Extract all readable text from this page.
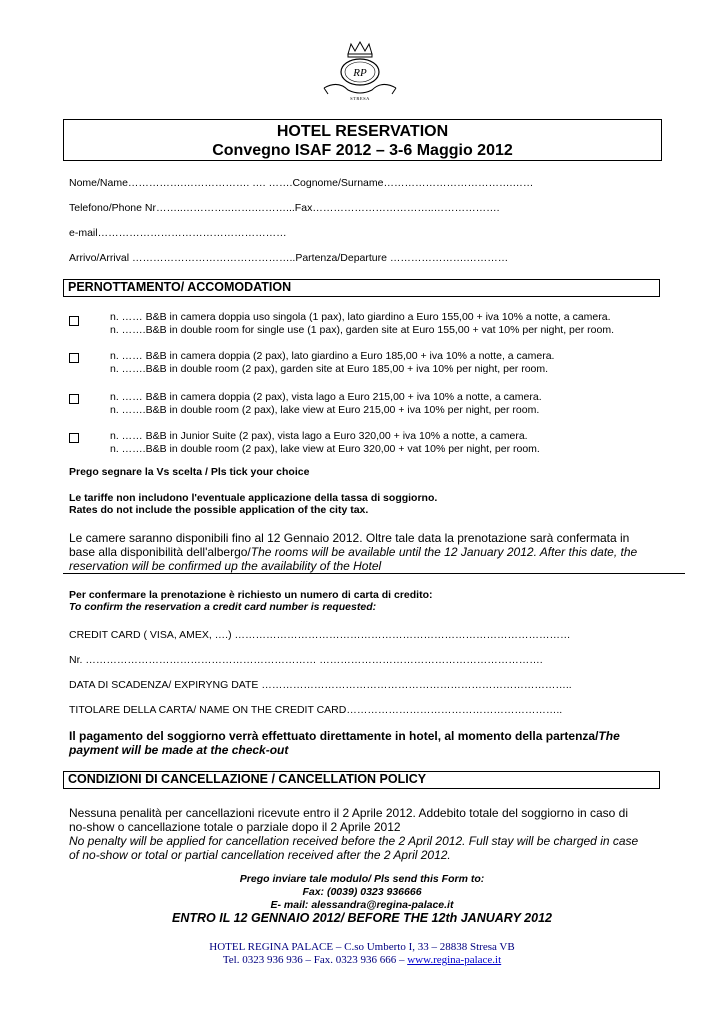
RP
STRESA
HOTEL RESERVATION
Convegno ISAF 2012 – 3-6 Maggio 2012
Nome/Name…………….………………. …. …….Cognome/Surname……………………………….……
Telefono/Phone Nr……..…………..…….………...Fax……………………………..……………….
e-mail………………………………………………
Arrivo/Arrival ………………………………………..Partenza/Departure ………………….…………
PERNOTTAMENTO/ ACCOMODATION
n. …… B&B in camera doppia uso singola (1 pax), lato giardino a Euro 155,00 + iva 10% a notte, a camera.
n. …….B&B in double room for single use (1 pax), garden site at Euro 155,00 + vat 10% per night, per room.
n. …… B&B in camera doppia (2 pax), lato giardino a Euro 185,00 + iva 10% a notte, a camera.
n. …….B&B in double room (2 pax), garden site at Euro 185,00 + iva 10% per night, per room.
n. …… B&B in camera doppia (2 pax), vista lago a Euro 215,00 + iva 10% a notte, a camera.
n. …….B&B in double room (2 pax), lake view at Euro 215,00 + iva 10% per night, per room.
n. …… B&B in Junior Suite (2 pax), vista lago a Euro 320,00 + iva 10% a notte, a camera.
n. …….B&B in double room (2 pax), lake view at Euro 320,00 + vat 10% per night, per room.
Prego segnare la Vs scelta / Pls tick your choice
Le tariffe non includono l'eventuale applicazione della tassa di soggiorno.
Rates do not include the possible application of the city tax.
Le camere saranno disponibili fino al 12 Gennaio 2012. Oltre tale data la prenotazione sarà confermata in
base alla disponibilità dell'albergo/The rooms will be available until the 12 January 2012. After this date, the
reservation will be confirmed up the availability of the Hotel
Per confermare la prenotazione è richiesto un numero di carta di credito:
To confirm the reservation a credit card number is requested:
CREDIT CARD ( VISA, AMEX, ….) ……………………………………………………………………………………
Nr. ………………………………………………………… ……………………………………………………….
DATA DI SCADENZA/ EXPIRYNG DATE ……………………………………………………………………………..
TITOLARE DELLA CARTA/ NAME ON THE CREDIT CARD……………………………………………………..
Il pagamento del soggiorno verrà effettuato direttamente in hotel, al momento della partenza/The
payment will be made at the check-out
CONDIZIONI DI CANCELLAZIONE / CANCELLATION POLICY
Nessuna penalità per cancellazioni ricevute entro il 2 Aprile 2012. Addebito totale del soggiorno in caso di
no-show o cancellazione totale o parziale dopo il 2 Aprile 2012
No penalty will be applied for cancellation received before the 2 April 2012. Full stay will be charged in case
of no-show or total or partial cancellation received after the 2 April 2012.
Prego inviare tale modulo/ Pls send this Form to:
Fax: (0039) 0323 936666
E- mail: alessandra@regina-palace.it
ENTRO IL 12 GENNAIO 2012/ BEFORE THE 12th JANUARY 2012
HOTEL REGINA PALACE – C.so Umberto I, 33 – 28838 Stresa VB
Tel. 0323 936 936 – Fax. 0323 936 666 – www.regina-palace.it
